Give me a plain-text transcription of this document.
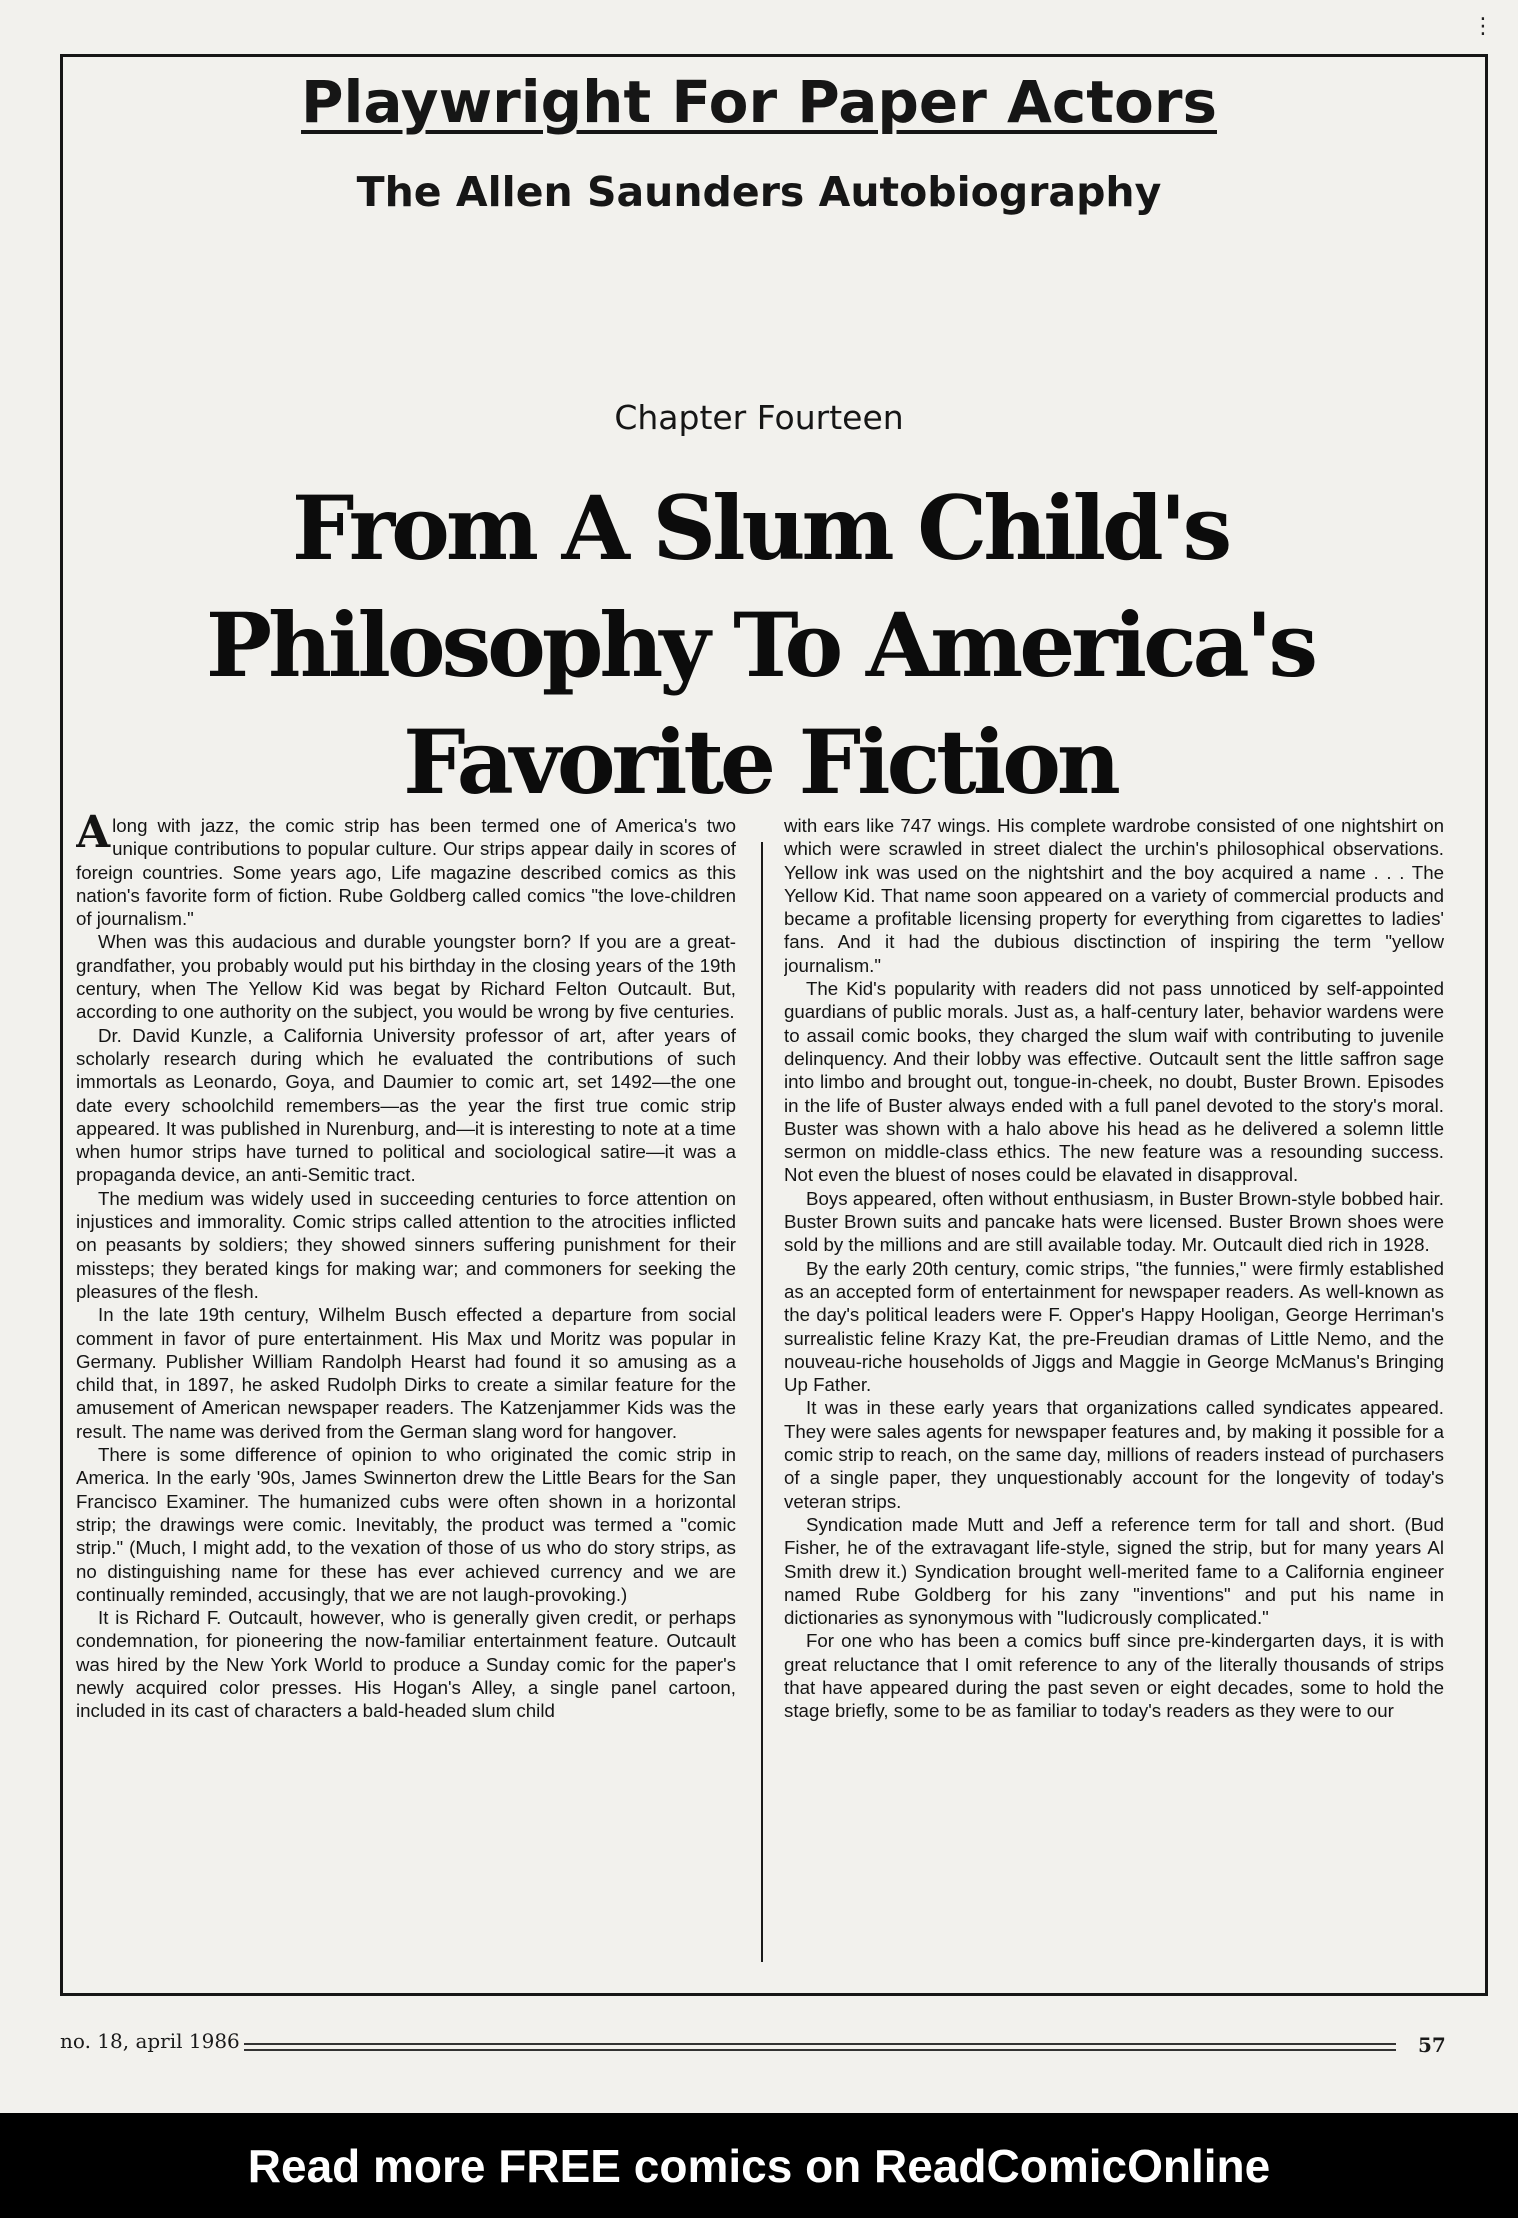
⋮
Playwright For Paper Actors
The Allen Saunders Autobiography
Chapter Fourteen
From A Slum Child's
Philosophy To America's
Favorite Fiction

Along with jazz, the comic strip has been termed one of America's two unique contributions to popular culture. Our strips appear daily in scores of foreign countries. Some years ago, Life magazine described comics as this nation's favorite form of fiction. Rube Goldberg called comics "the love-children of journalism."

When was this audacious and durable youngster born? If you are a great-grandfather, you probably would put his birthday in the closing years of the 19th century, when The Yellow Kid was begat by Richard Felton Outcault. But, according to one authority on the subject, you would be wrong by five centuries.

Dr. David Kunzle, a California University professor of art, after years of scholarly research during which he evaluated the contributions of such immortals as Leonardo, Goya, and Daumier to comic art, set 1492—the one date every schoolchild remembers—as the year the first true comic strip appeared. It was published in Nurenburg, and—it is interesting to note at a time when humor strips have turned to political and sociological satire—it was a propaganda device, an anti-Semitic tract.

The medium was widely used in succeeding centuries to force attention on injustices and immorality. Comic strips called attention to the atrocities inflicted on peasants by soldiers; they showed sinners suffering punishment for their missteps; they berated kings for making war; and commoners for seeking the pleasures of the flesh.

In the late 19th century, Wilhelm Busch effected a departure from social comment in favor of pure entertainment. His Max und Moritz was popular in Germany. Publisher William Randolph Hearst had found it so amusing as a child that, in 1897, he asked Rudolph Dirks to create a similar feature for the amusement of American newspaper readers. The Katzenjammer Kids was the result. The name was derived from the German slang word for hangover.

There is some difference of opinion to who originated the comic strip in America. In the early '90s, James Swinnerton drew the Little Bears for the San Francisco Examiner. The humanized cubs were often shown in a horizontal strip; the drawings were comic. Inevitably, the product was termed a "comic strip." (Much, I might add, to the vexation of those of us who do story strips, as no distinguishing name for these has ever achieved currency and we are continually reminded, accusingly, that we are not laugh-provoking.)

It is Richard F. Outcault, however, who is generally given credit, or perhaps condemnation, for pioneering the now-familiar entertainment feature. Outcault was hired by the New York World to produce a Sunday comic for the paper's newly acquired color presses. His Hogan's Alley, a single panel cartoon, included in its cast of characters a bald-headed slum child

with ears like 747 wings. His complete wardrobe consisted of one nightshirt on which were scrawled in street dialect the urchin's philosophical observations. Yellow ink was used on the nightshirt and the boy acquired a name . . . The Yellow Kid. That name soon appeared on a variety of commercial products and became a profitable licensing property for everything from cigarettes to ladies' fans. And it had the dubious disctinction of inspiring the term "yellow journalism."

The Kid's popularity with readers did not pass unnoticed by self-appointed guardians of public morals. Just as, a half-century later, behavior wardens were to assail comic books, they charged the slum waif with contributing to juvenile delinquency. And their lobby was effective. Outcault sent the little saffron sage into limbo and brought out, tongue-in-cheek, no doubt, Buster Brown. Episodes in the life of Buster always ended with a full panel devoted to the story's moral. Buster was shown with a halo above his head as he delivered a solemn little sermon on middle-class ethics. The new feature was a resounding success. Not even the bluest of noses could be elavated in disapproval.

Boys appeared, often without enthusiasm, in Buster Brown-style bobbed hair. Buster Brown suits and pancake hats were licensed. Buster Brown shoes were sold by the millions and are still available today. Mr. Outcault died rich in 1928.

By the early 20th century, comic strips, "the funnies," were firmly established as an accepted form of entertainment for newspaper readers. As well-known as the day's political leaders were F. Opper's Happy Hooligan, George Herriman's surrealistic feline Krazy Kat, the pre-Freudian dramas of Little Nemo, and the nouveau-riche households of Jiggs and Maggie in George McManus's Bringing Up Father.

It was in these early years that organizations called syndicates appeared. They were sales agents for newspaper features and, by making it possible for a comic strip to reach, on the same day, millions of readers instead of purchasers of a single paper, they unquestionably account for the longevity of today's veteran strips.

Syndication made Mutt and Jeff a reference term for tall and short. (Bud Fisher, he of the extravagant life-style, signed the strip, but for many years Al Smith drew it.) Syndication brought well-merited fame to a California engineer named Rube Goldberg for his zany "inventions" and put his name in dictionaries as synonymous with "ludicrously complicated."

For one who has been a comics buff since pre-kindergarten days, it is with great reluctance that I omit reference to any of the literally thousands of strips that have appeared during the past seven or eight decades, some to hold the stage briefly, some to be as familiar to today's readers as they were to our

no. 18, april 1986	57
Read more FREE comics on ReadComicOnline
